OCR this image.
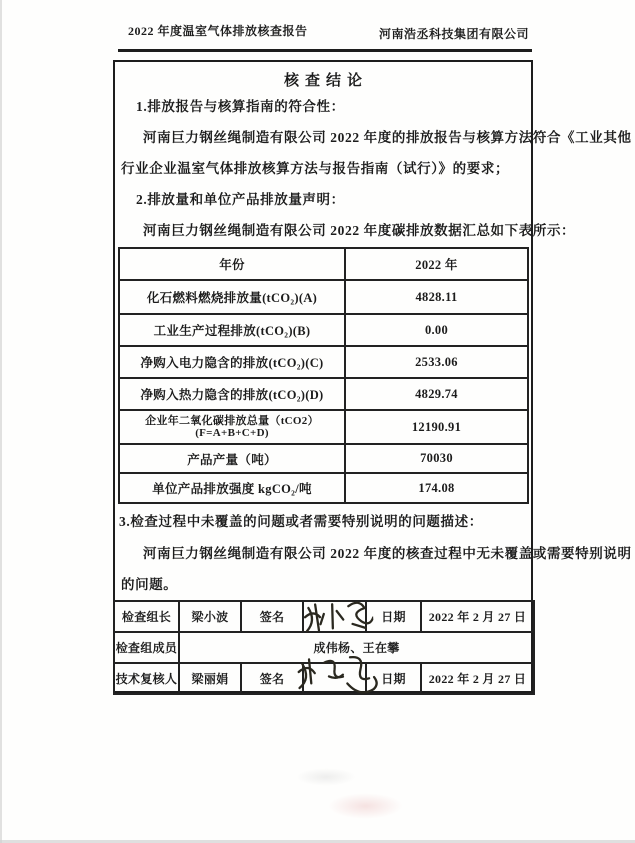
2022 年度温室气体排放核查报告	河南浩丞科技集团有限公司
核查结论
1.排放报告与核算指南的符合性：
河南巨力钢丝绳制造有限公司 2022 年度的排放报告与核算方法符合《工业其他
行业企业温室气体排放核算方法与报告指南（试行）》的要求；
2.排放量和单位产品排放量声明：
河南巨力钢丝绳制造有限公司 2022 年度碳排放数据汇总如下表所示：
年份	2022 年
化石燃料燃烧排放量(tCO₂)(A)	4828.11
工业生产过程排放(tCO₂)(B)	0.00
净购入电力隐含的排放(tCO₂)(C)	2533.06
净购入热力隐含的排放(tCO₂)(D)	4829.74

企业年二氧化碳排放总量（tCO2）
(F=A+B+C+D)	12190.91
产品产量（吨）	70030
单位产品排放强度 kgCO₂/吨	174.08
3.检查过程中未覆盖的问题或者需要特别说明的问题描述：
河南巨力钢丝绳制造有限公司 2022 年度的核查过程中无未覆盖或需要特别说明
的问题。
检查组长	梁小波	签名		日期	2022 年 2 月 27 日
检查组成员	成伟杨、王在攀				
技术复核人	梁丽娟	签名		日期	2022 年 2 月 27 日
